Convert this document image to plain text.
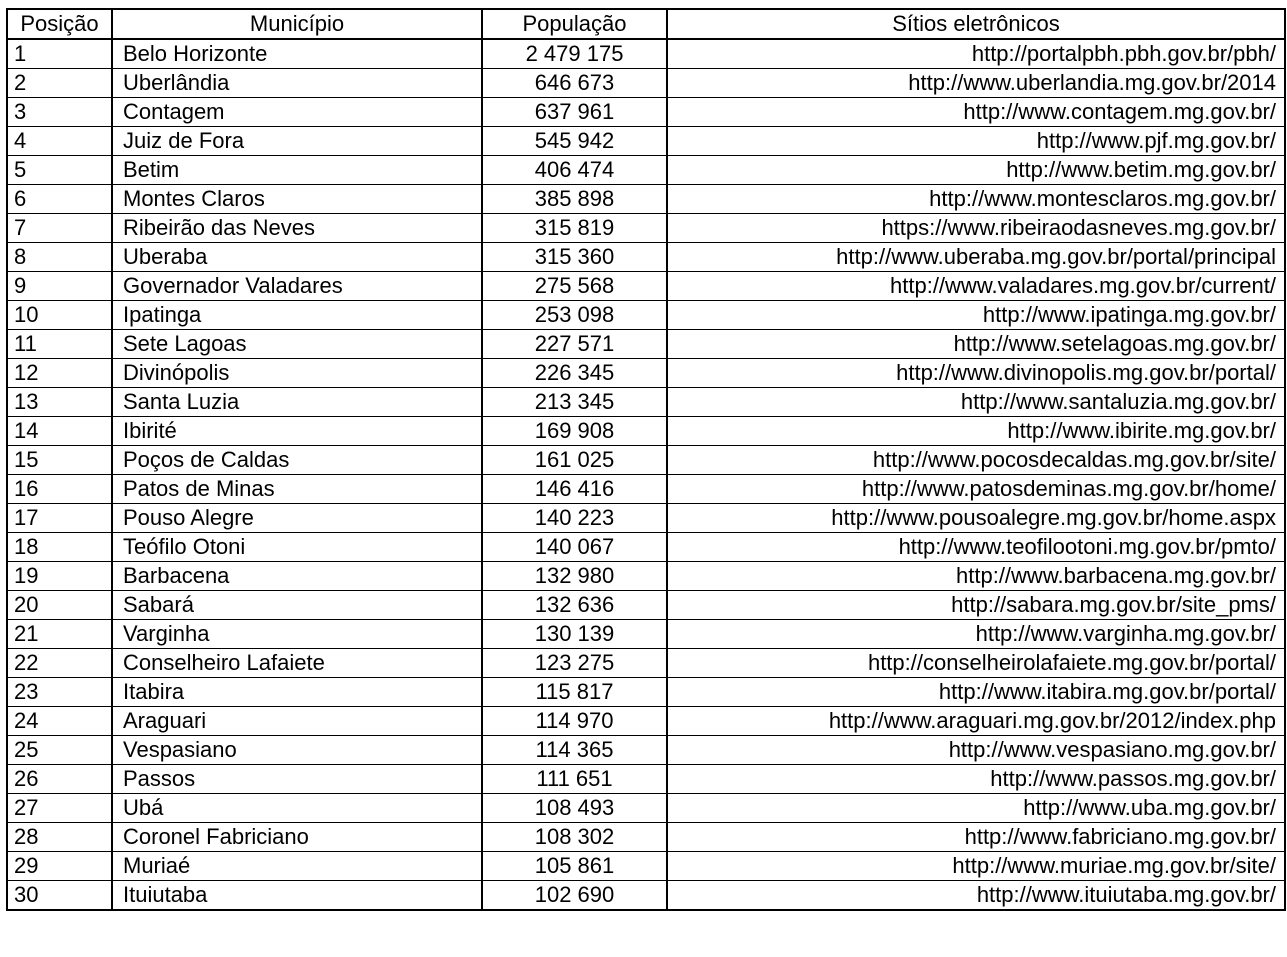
Posição	Município	População	Sítios eletrônicos
1	Belo Horizonte	2 479 175	http://portalpbh.pbh.gov.br/pbh/
2	Uberlândia	646 673	http://www.uberlandia.mg.gov.br/2014
3	Contagem	637 961	http://www.contagem.mg.gov.br/
4	Juiz de Fora	545 942	http://www.pjf.mg.gov.br/
5	Betim	406 474	http://www.betim.mg.gov.br/
6	Montes Claros	385 898	http://www.montesclaros.mg.gov.br/
7	Ribeirão das Neves	315 819	https://www.ribeiraodasneves.mg.gov.br/
8	Uberaba	315 360	http://www.uberaba.mg.gov.br/portal/principal
9	Governador Valadares	275 568	http://www.valadares.mg.gov.br/current/
10	Ipatinga	253 098	http://www.ipatinga.mg.gov.br/
11	Sete Lagoas	227 571	http://www.setelagoas.mg.gov.br/
12	Divinópolis	226 345	http://www.divinopolis.mg.gov.br/portal/
13	Santa Luzia	213 345	http://www.santaluzia.mg.gov.br/
14	Ibirité	169 908	http://www.ibirite.mg.gov.br/
15	Poços de Caldas	161 025	http://www.pocosdecaldas.mg.gov.br/site/
16	Patos de Minas	146 416	http://www.patosdeminas.mg.gov.br/home/
17	Pouso Alegre	140 223	http://www.pousoalegre.mg.gov.br/home.aspx
18	Teófilo Otoni	140 067	http://www.teofilootoni.mg.gov.br/pmto/
19	Barbacena	132 980	http://www.barbacena.mg.gov.br/
20	Sabará	132 636	http://sabara.mg.gov.br/site_pms/
21	Varginha	130 139	http://www.varginha.mg.gov.br/
22	Conselheiro Lafaiete	123 275	http://conselheirolafaiete.mg.gov.br/portal/
23	Itabira	115 817	http://www.itabira.mg.gov.br/portal/
24	Araguari	114 970	http://www.araguari.mg.gov.br/2012/index.php
25	Vespasiano	114 365	http://www.vespasiano.mg.gov.br/
26	Passos	111 651	http://www.passos.mg.gov.br/
27	Ubá	108 493	http://www.uba.mg.gov.br/
28	Coronel Fabriciano	108 302	http://www.fabriciano.mg.gov.br/
29	Muriaé	105 861	http://www.muriae.mg.gov.br/site/
30	Ituiutaba	102 690	http://www.ituiutaba.mg.gov.br/
